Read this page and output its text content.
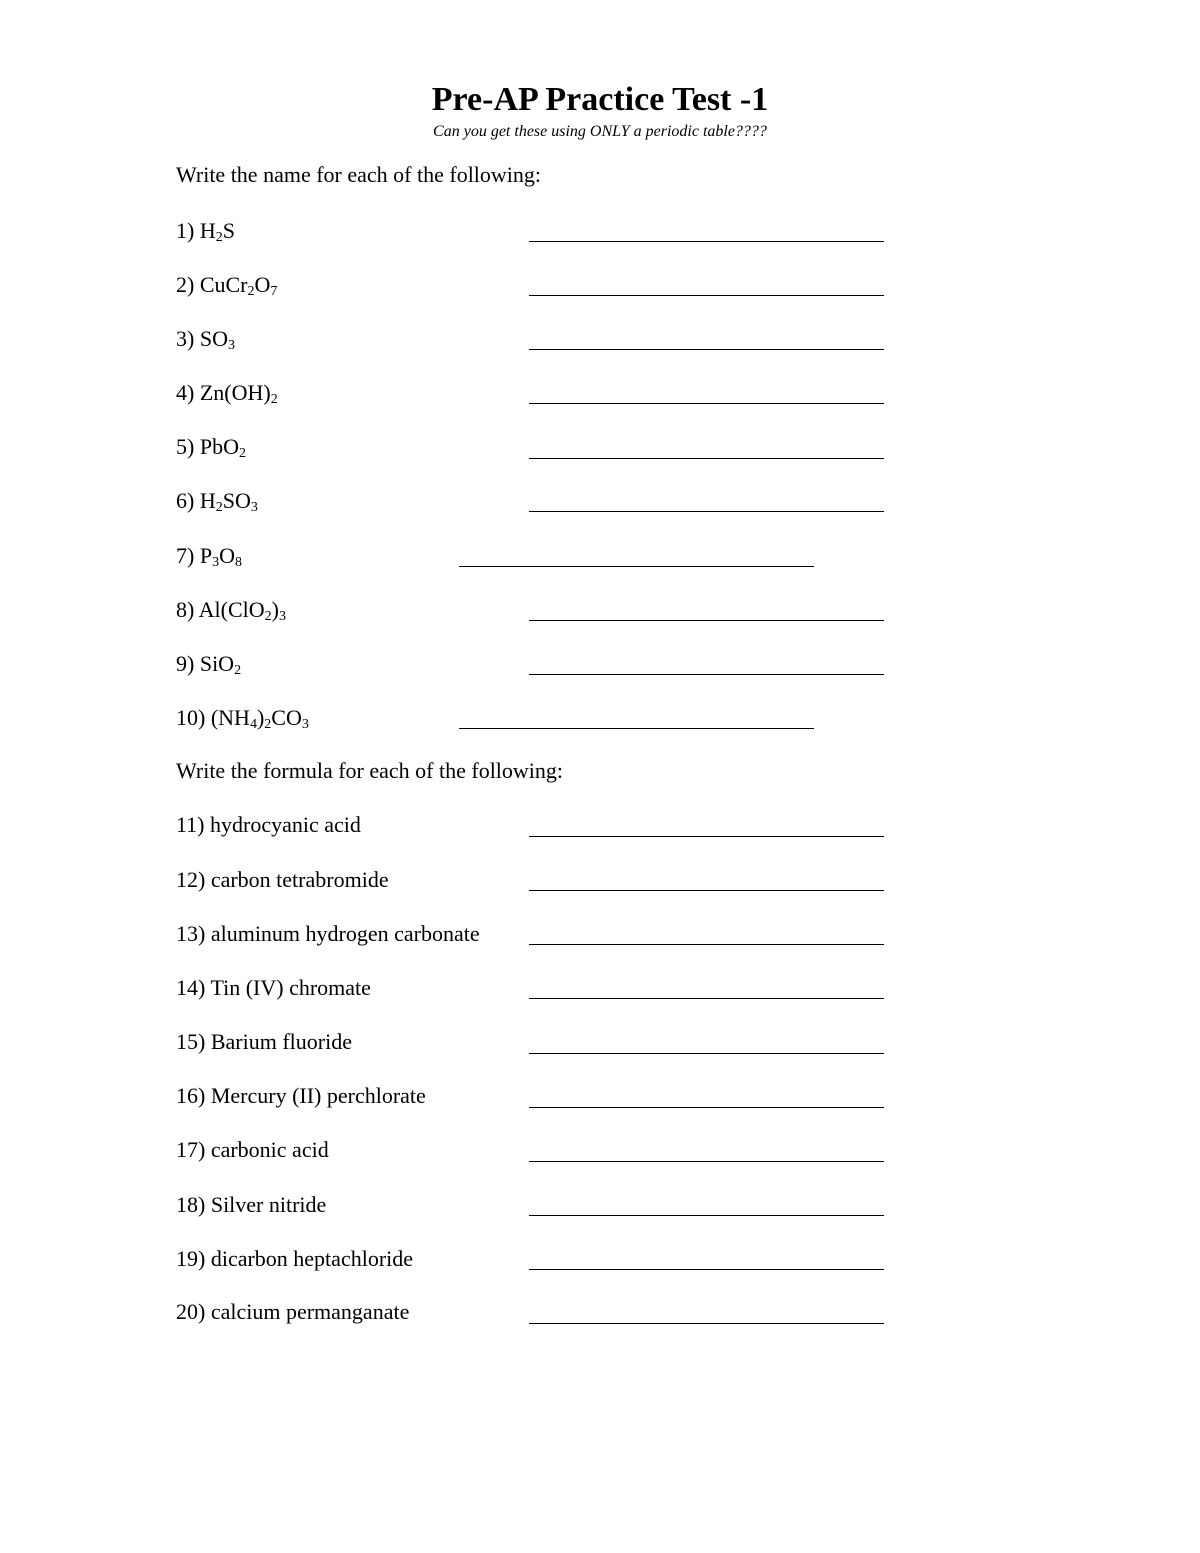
Pre-AP Practice Test -1
Can you get these using ONLY a periodic table????
Write the name for each of the following:
1) $H_2S$
2) $CuCr_2O_7$
3) $SO_3$
4) $Zn(OH)_2$
5) PbO$_2$
6) $H_2SO_3$
7) $P_3O_8$
8) $Al(ClO_2)_3$
9) SiO$_2$
10) $(NH_4)_2CO_3$
Write the formula for each of the following:
11) hydrocyanic acid
12) carbon tetrabromide
13) aluminum hydrogen carbonate
14) Tin (IV) chromate
15) Barium fluoride
16) Mercury (II) perchlorate
17) carbonic acid
18) Silver nitride
19) dicarbon heptachloride
20) calcium permanganate
